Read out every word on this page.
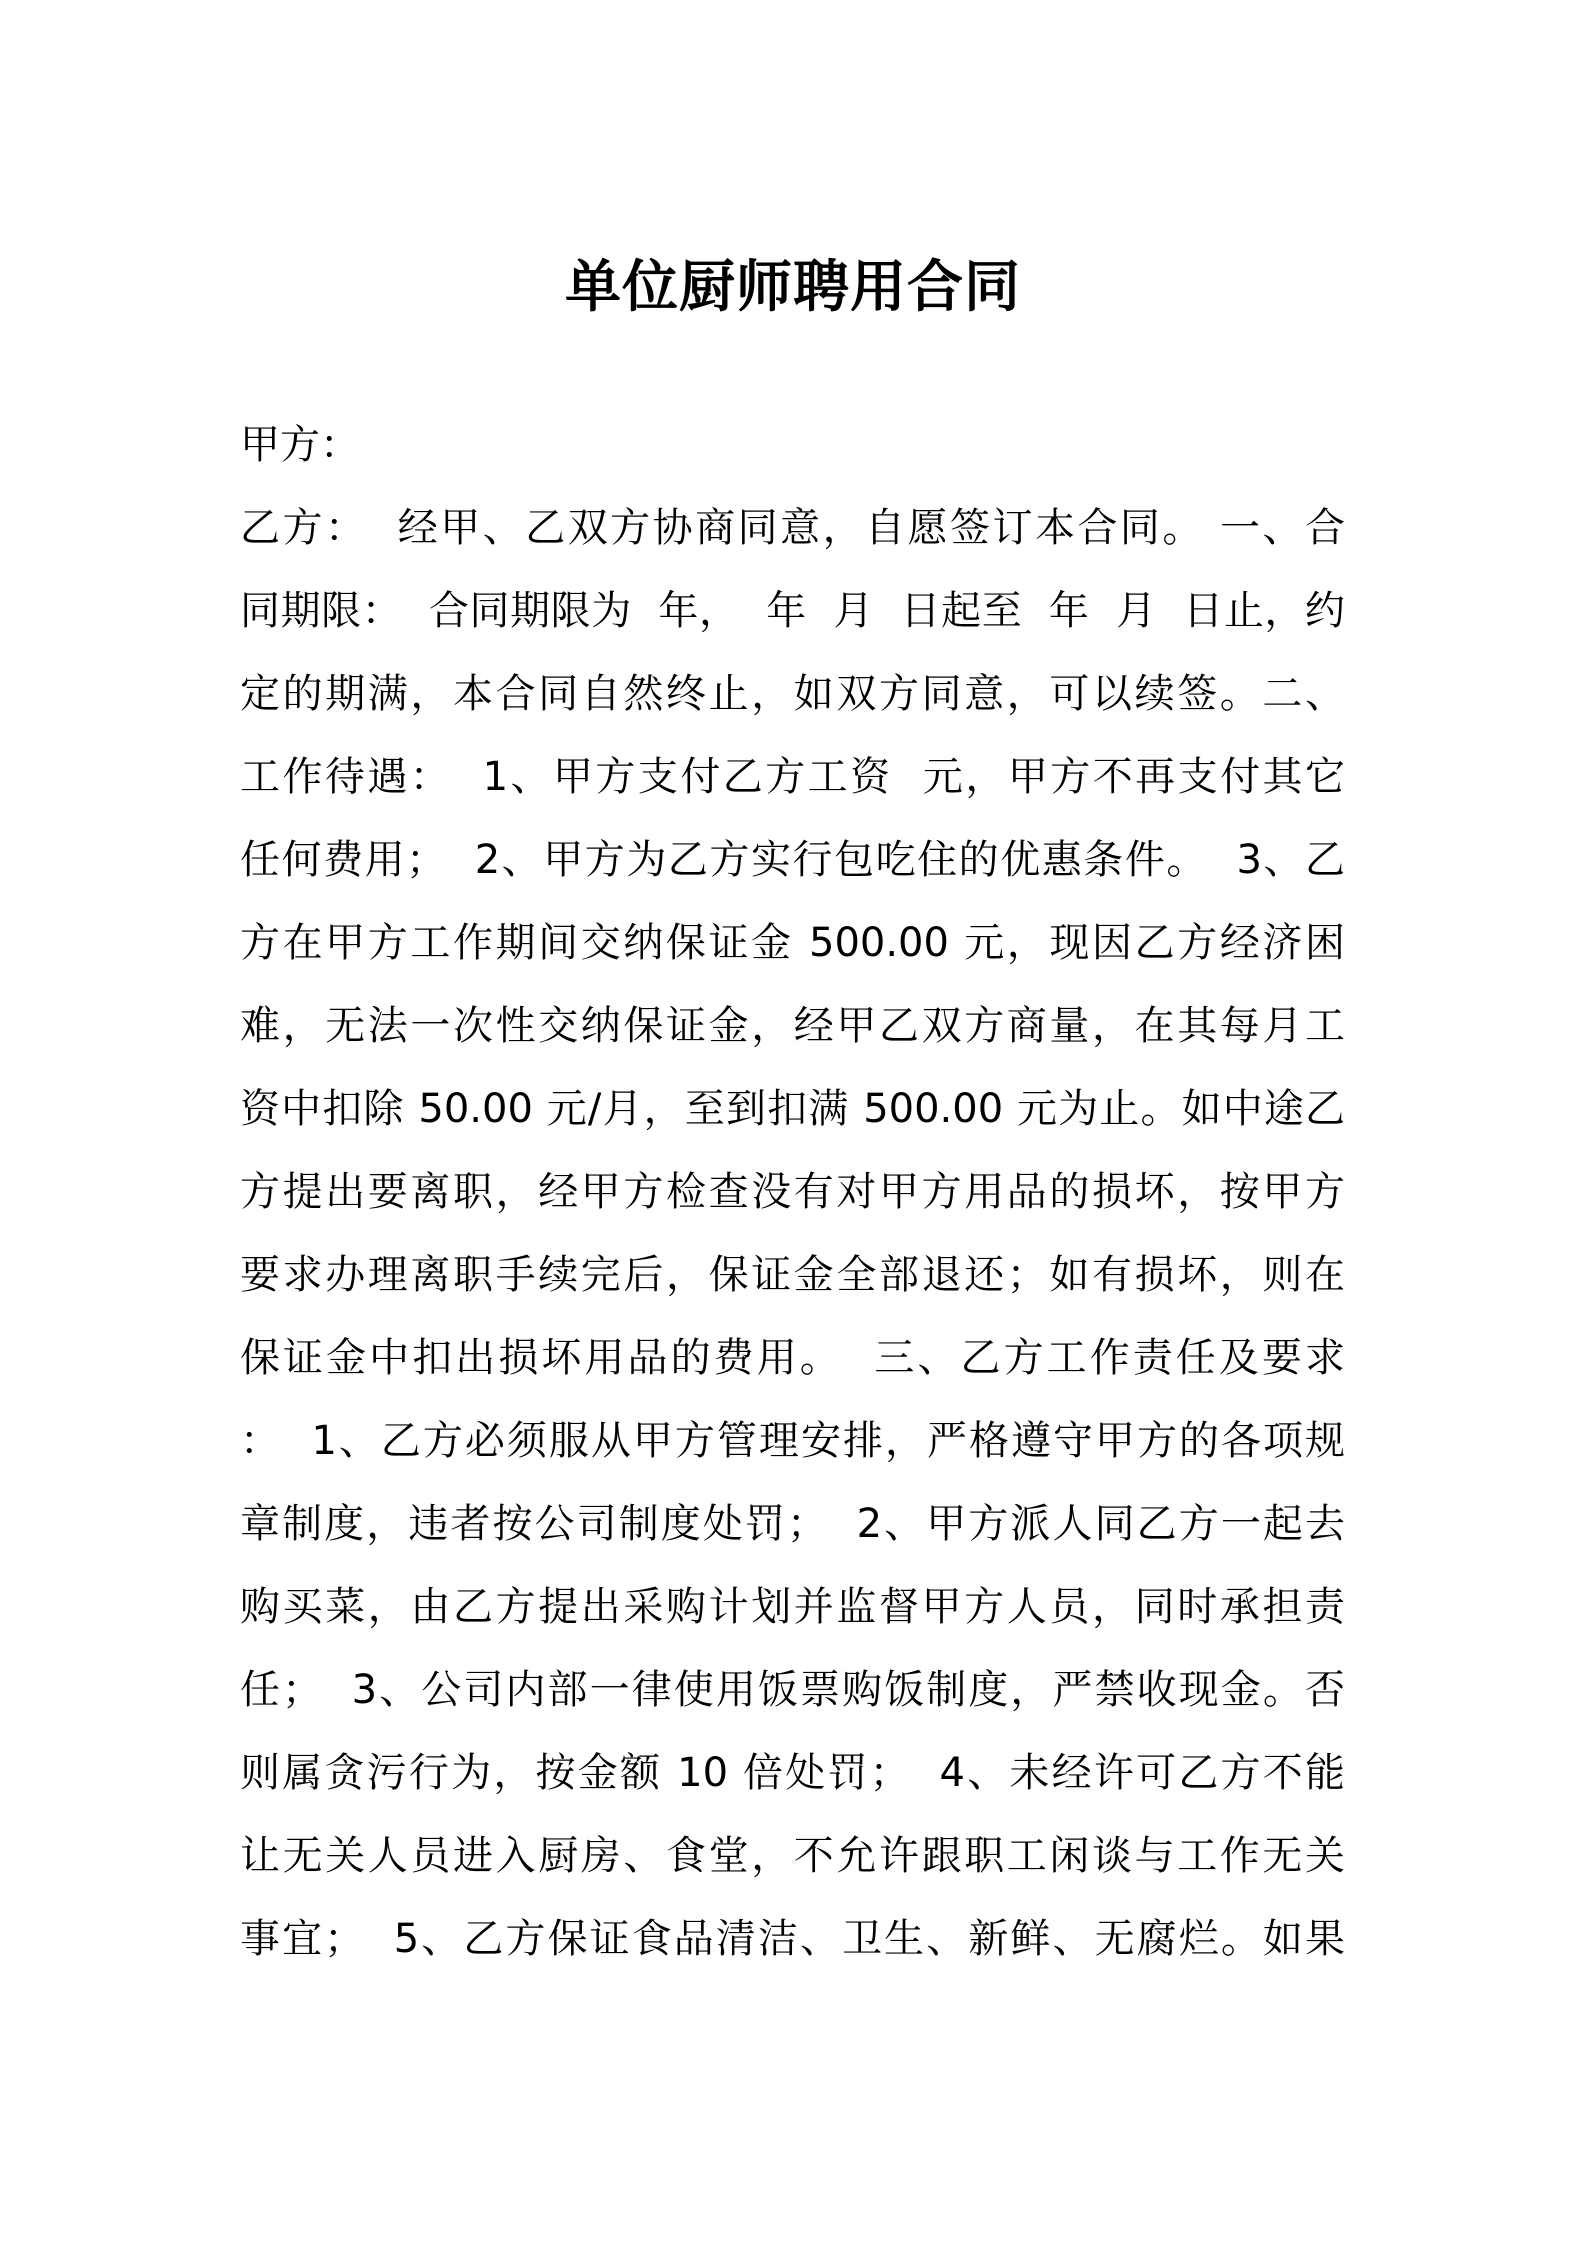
单位厨师聘用合同
甲方：
乙方：  经甲、乙双方协商同意，自愿签订本合同。 一、合
同期限：  合同期限为  年，  年  月  日起至  年  月  日止，约
定的期满，本合同自然终止，如双方同意，可以续签。二、
工作待遇：  1、甲方支付乙方工资  元，甲方不再支付其它
任何费用；  2、甲方为乙方实行包吃住的优惠条件。  3、乙
方在甲方工作期间交纳保证金 500.00 元，现因乙方经济困
难，无法一次性交纳保证金，经甲乙双方商量，在其每月工
资中扣除 50.00 元/月，至到扣满 500.00 元为止。如中途乙
方提出要离职，经甲方检查没有对甲方用品的损坏，按甲方
要求办理离职手续完后，保证金全部退还；如有损坏，则在
保证金中扣出损坏用品的费用。  三、乙方工作责任及要求
：  1、乙方必须服从甲方管理安排，严格遵守甲方的各项规
章制度，违者按公司制度处罚；  2、甲方派人同乙方一起去
购买菜，由乙方提出采购计划并监督甲方人员，同时承担责
任；  3、公司内部一律使用饭票购饭制度，严禁收现金。否
则属贪污行为，按金额 10 倍处罚；  4、未经许可乙方不能
让无关人员进入厨房、食堂，不允许跟职工闲谈与工作无关
事宜；  5、乙方保证食品清洁、卫生、新鲜、无腐烂。如果
